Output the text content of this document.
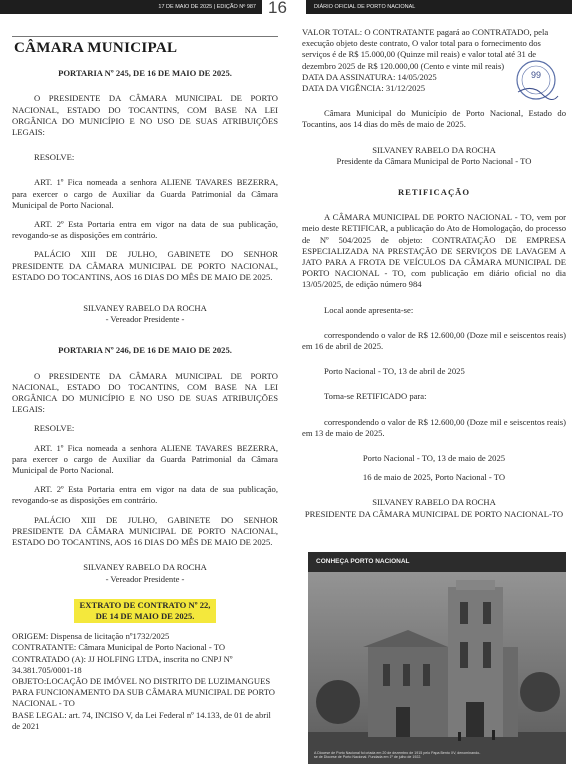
17 DE MAIO DE 2025 | EDIÇÃO Nº 987 16	DIÁRIO OFICIAL DE PORTO NACIONAL
CÂMARA MUNICIPAL

PORTARIA Nº 245, DE 16 DE MAIO DE 2025.

O PRESIDENTE DA CÂMARA MUNICIPAL DE PORTO NACIONAL, ESTADO DO TOCANTINS, COM BASE NA LEI ORGÂNICA DO MUNICÍPIO E NO USO DE SUAS ATRIBUIÇÕES LEGAIS:

RESOLVE:

ART. 1º Fica nomeada a senhora ALIENE TAVARES BEZERRA, para exercer o cargo de Auxiliar da Guarda Patrimonial da Câmara Municipal de Porto Nacional.

ART. 2º Esta Portaria entra em vigor na data de sua publicação, revogando-se as disposições em contrário.

PALÁCIO XIII DE JULHO, GABINETE DO SENHOR PRESIDENTE DA CÂMARA MUNICIPAL DE PORTO NACIONAL, ESTADO DO TOCANTINS, AOS 16 DIAS DO MÊS DE MAIO DE 2025.

SILVANEY RABELO DA ROCHA

- Vereador Presidente -

PORTARIA Nº 246, DE 16 DE MAIO DE 2025.

O PRESIDENTE DA CÂMARA MUNICIPAL DE PORTO NACIONAL, ESTADO DO TOCANTINS, COM BASE NA LEI ORGÂNICA DO MUNICÍPIO E NO USO DE SUAS ATRIBUIÇÕES LEGAIS:

RESOLVE:

ART. 1º Fica nomeada a senhora ALIENE TAVARES BEZERRA, para exercer o cargo de Auxiliar da Guarda Patrimonial da Câmara Municipal de Porto Nacional.

ART. 2º Esta Portaria entra em vigor na data de sua publicação, revogando-se as disposições em contrário.

PALÁCIO XIII DE JULHO, GABINETE DO SENHOR PRESIDENTE DA CÂMARA MUNICIPAL DE PORTO NACIONAL, ESTADO DO TOCANTINS, AOS 16 DIAS DO MÊS DE MAIO DE 2025.

SILVANEY RABELO DA ROCHA

- Vereador Presidente -

EXTRATO DE CONTRATO Nº 22,
DE 14 DE MAIO DE 2025.

ORIGEM: Dispensa de licitação nº1732/2025

CONTRATANTE: Câmara Municipal de Porto Nacional - TO

CONTRATADO (A): JJ HOLFING LTDA, inscrita no CNPJ Nº 34.381.705/0001-18

OBJETO:LOCAÇÃO DE IMÓVEL NO DISTRITO DE LUZIMANGUES PARA FUNCIONAMENTO DA SUB CÂMARA MUNICIPAL DE PORTO NACIONAL - TO

BASE LEGAL: art. 74, INCISO V, da Lei Federal nº 14.133, de 01 de abril de 2021

VALOR TOTAL: O CONTRATANTE pagará ao CONTRATADO, pela execução objeto deste contrato, O valor total para o fornecimento dos serviços é de R$ 15.000,00 (Quinze mil reais) e valor total até 31 de dezembro 2025 de R$ 120.000,00 (Cento e vinte mil reais)

DATA DA ASSINATURA: 14/05/2025

DATA DA VIGÊNCIA: 31/12/2025

Câmara Municipal do Município de Porto Nacional, Estado do Tocantins, aos 14 dias do mês de maio de 2025.

SILVANEY RABELO DA ROCHA

Presidente da Câmara Municipal de Porto Nacional - TO

RETIFICAÇÃO

A CÂMARA MUNICIPAL DE PORTO NACIONAL - TO, vem por meio deste RETIFICAR, a publicação do Ato de Homologação, do processo de Nº 504/2025 de objeto: CONTRATAÇÃO DE EMPRESA ESPECIALIZADA NA PRESTAÇÃO DE SERVIÇOS DE LAVAGEM A JATO PARA A FROTA DE VEÍCULOS DA CÂMARA MUNICIPAL DE PORTO NACIONAL - TO, com publicação em diário oficial no dia 13/05/2025, de edição número 984

Local aonde apresenta-se:

correspondendo o valor de R$ 12.600,00 (Doze mil e seiscentos reais) em 16 de abril de 2025.

Porto Nacional - TO, 13 de abril de 2025

Torna-se RETIFICADO para:

correspondendo o valor de R$ 12.600,00 (Doze mil e seiscentos reais) em 13 de maio de 2025.

Porto Nacional - TO, 13 de maio de 2025

16 de maio de 2025, Porto Nacional - TO

SILVANEY RABELO DA ROCHA

PRESIDENTE DA CÂMARA MUNICIPAL DE PORTO NACIONAL-TO

99
CONHEÇA PORTO NACIONAL
A Diocese de Porto Nacional foi criada em 20 de dezembro de 1915 pelo Papa Bento XV, denominando-se de Diocese de Porto Nacional. Fundada em 1º de julho de 1922.
